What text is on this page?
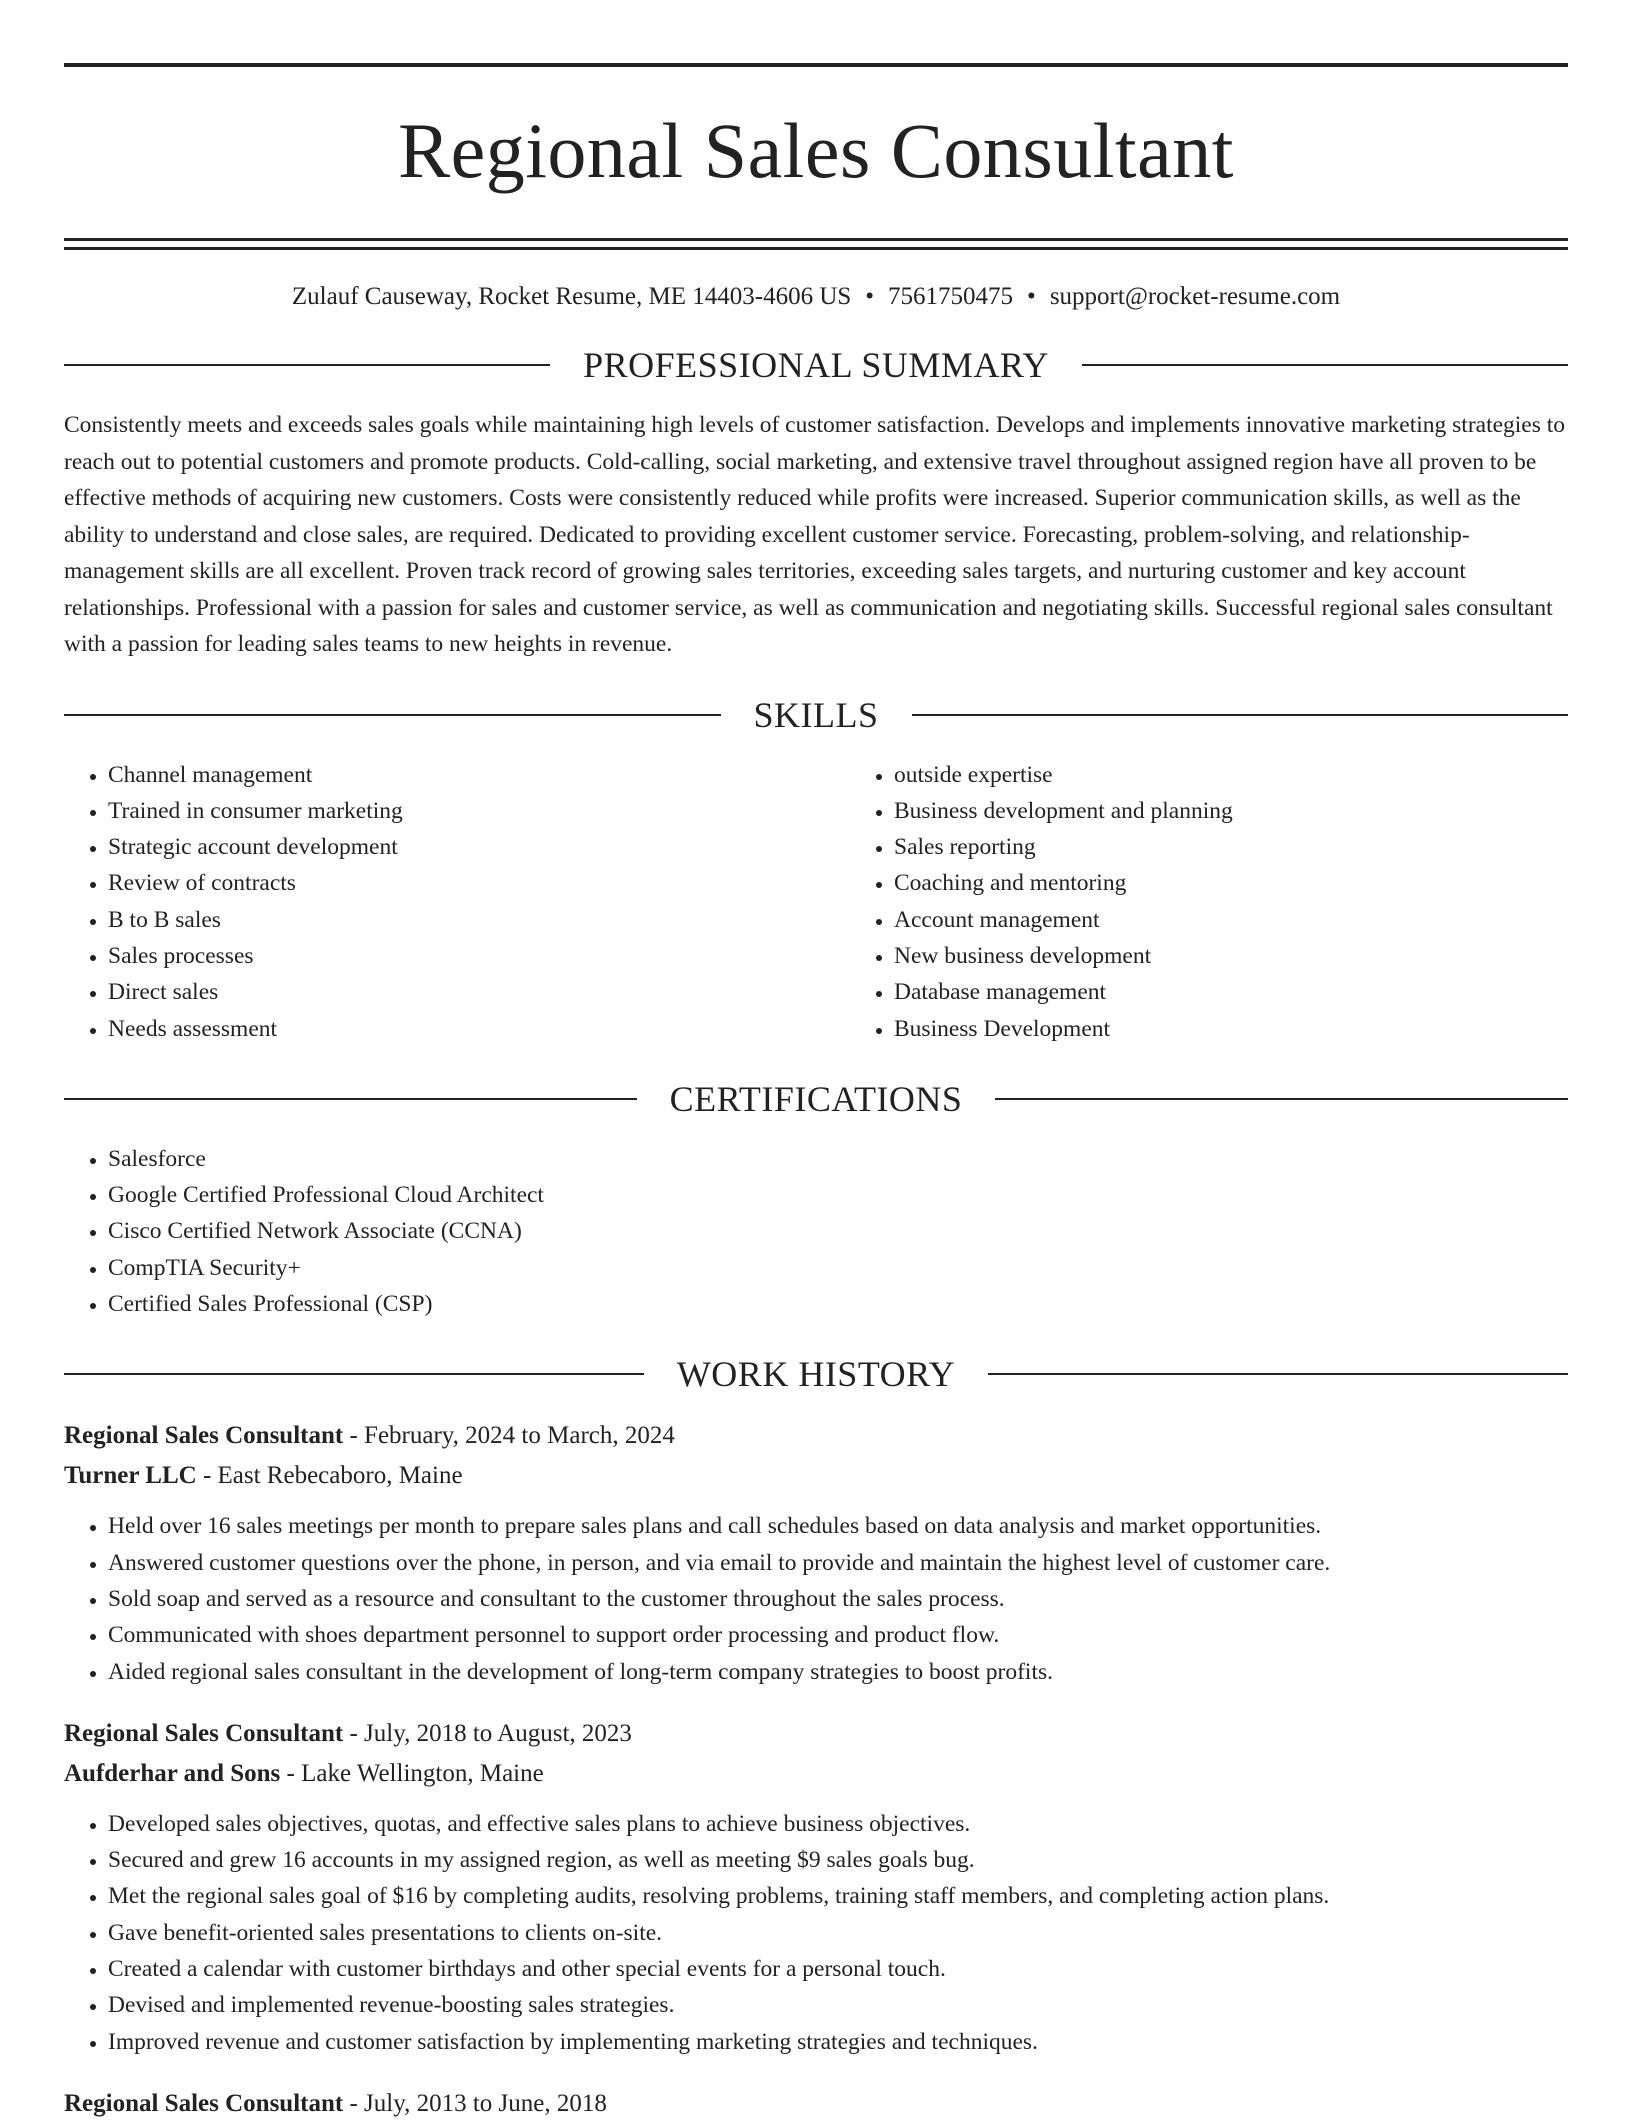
Regional Sales Consultant
Zulauf Causeway, Rocket Resume, ME 14403-4606 US • 7561750475 • support@rocket-resume.com
PROFESSIONAL SUMMARY

Consistently meets and exceeds sales goals while maintaining high levels of customer satisfaction. Develops and implements innovative marketing strategies to reach out to potential customers and promote products. Cold-calling, social marketing, and extensive travel throughout assigned region have all proven to be effective methods of acquiring new customers. Costs were consistently reduced while profits were increased. Superior communication skills, as well as the ability to understand and close sales, are required. Dedicated to providing excellent customer service. Forecasting, problem-solving, and relationship-management skills are all excellent. Proven track record of growing sales territories, exceeding sales targets, and nurturing customer and key account relationships. Professional with a passion for sales and customer service, as well as communication and negotiating skills. Successful regional sales consultant with a passion for leading sales teams to new heights in revenue.

SKILLS
• Channel management
• Trained in consumer marketing
• Strategic account development
• Review of contracts
• B to B sales
• Sales processes
• Direct sales
• Needs assessment
• outside expertise
• Business development and planning
• Sales reporting
• Coaching and mentoring
• Account management
• New business development
• Database management
• Business Development
CERTIFICATIONS
• Salesforce
• Google Certified Professional Cloud Architect
• Cisco Certified Network Associate (CCNA)
• CompTIA Security+
• Certified Sales Professional (CSP)
WORK HISTORY
Regional Sales Consultant - February, 2024 to March, 2024
Turner LLC - East Rebecaboro, Maine
• Held over 16 sales meetings per month to prepare sales plans and call schedules based on data analysis and market opportunities.
• Answered customer questions over the phone, in person, and via email to provide and maintain the highest level of customer care.
• Sold soap and served as a resource and consultant to the customer throughout the sales process.
• Communicated with shoes department personnel to support order processing and product flow.
• Aided regional sales consultant in the development of long-term company strategies to boost profits.
Regional Sales Consultant - July, 2018 to August, 2023
Aufderhar and Sons - Lake Wellington, Maine
• Developed sales objectives, quotas, and effective sales plans to achieve business objectives.
• Secured and grew 16 accounts in my assigned region, as well as meeting $9 sales goals bug.
• Met the regional sales goal of $16 by completing audits, resolving problems, training staff members, and completing action plans.
• Gave benefit-oriented sales presentations to clients on-site.
• Created a calendar with customer birthdays and other special events for a personal touch.
• Devised and implemented revenue-boosting sales strategies.
• Improved revenue and customer satisfaction by implementing marketing strategies and techniques.
Regional Sales Consultant - July, 2013 to June, 2018
